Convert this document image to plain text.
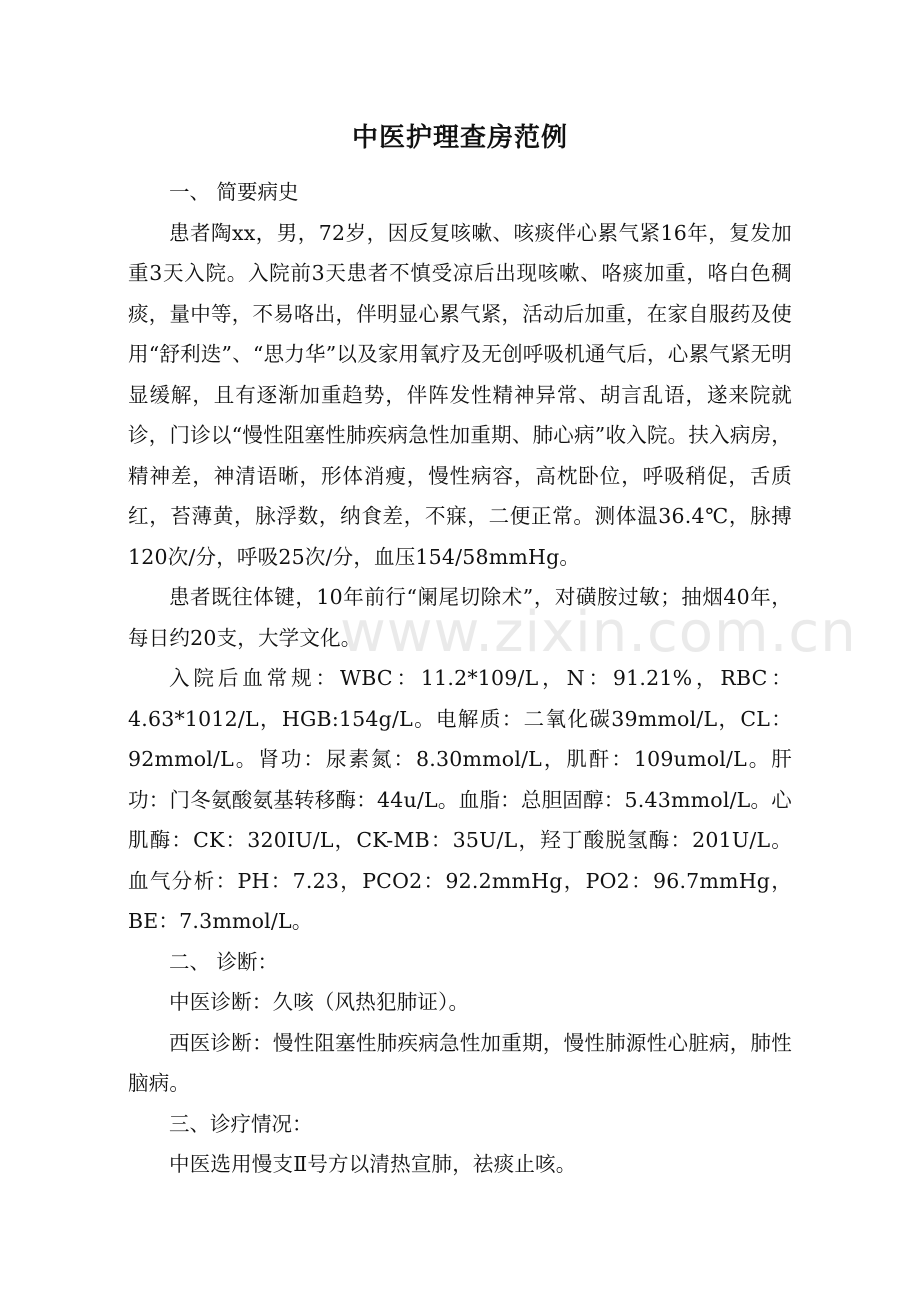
www.zixin.com.cn
中医护理查房范例

一、 简要病史

患者陶xx，男，72岁，因反复咳嗽、咳痰伴心累气紧16年，复发加重3天入院。入院前3天患者不慎受凉后出现咳嗽、咯痰加重，咯白色稠痰，量中等，不易咯出，伴明显心累气紧，活动后加重，在家自服药及使用“舒利迭”、“思力华”以及家用氧疗及无创呼吸机通气后，心累气紧无明显缓解，且有逐渐加重趋势，伴阵发性精神异常、胡言乱语，遂来院就诊，门诊以“慢性阻塞性肺疾病急性加重期、肺心病”收入院。扶入病房，精神差，神清语晰，形体消瘦，慢性病容，高枕卧位，呼吸稍促，舌质红，苔薄黄，脉浮数，纳食差，不寐，二便正常。测体温36.4℃，脉搏120次/分，呼吸25次/分，血压154/58mmHg。

患者既往体键，10年前行“阑尾切除术”，对磺胺过敏；抽烟40年，每日约20支，大学文化。

入院后血常规：WBC：11.2*109/L，N：91.21%，RBC：4.63*1012/L，HGB:154g/L。电解质：二氧化碳39mmol/L，CL：92mmol/L。肾功：尿素氮：8.30mmol/L，肌酐：109umol/L。肝功：门冬氨酸氨基转移酶：44u/L。血脂：总胆固醇：5.43mmol/L。心肌酶：CK：320IU/L，CK-MB：35U/L，羟丁酸脱氢酶：201U/L。血气分析：PH：7.23，PCO2：92.2mmHg，PO2：96.7mmHg，BE：7.3mmol/L。

二、 诊断：

中医诊断：久咳（风热犯肺证）。

西医诊断：慢性阻塞性肺疾病急性加重期，慢性肺源性心脏病，肺性脑病。

三、诊疗情况：

中医选用慢支Ⅱ号方以清热宣肺，祛痰止咳。
